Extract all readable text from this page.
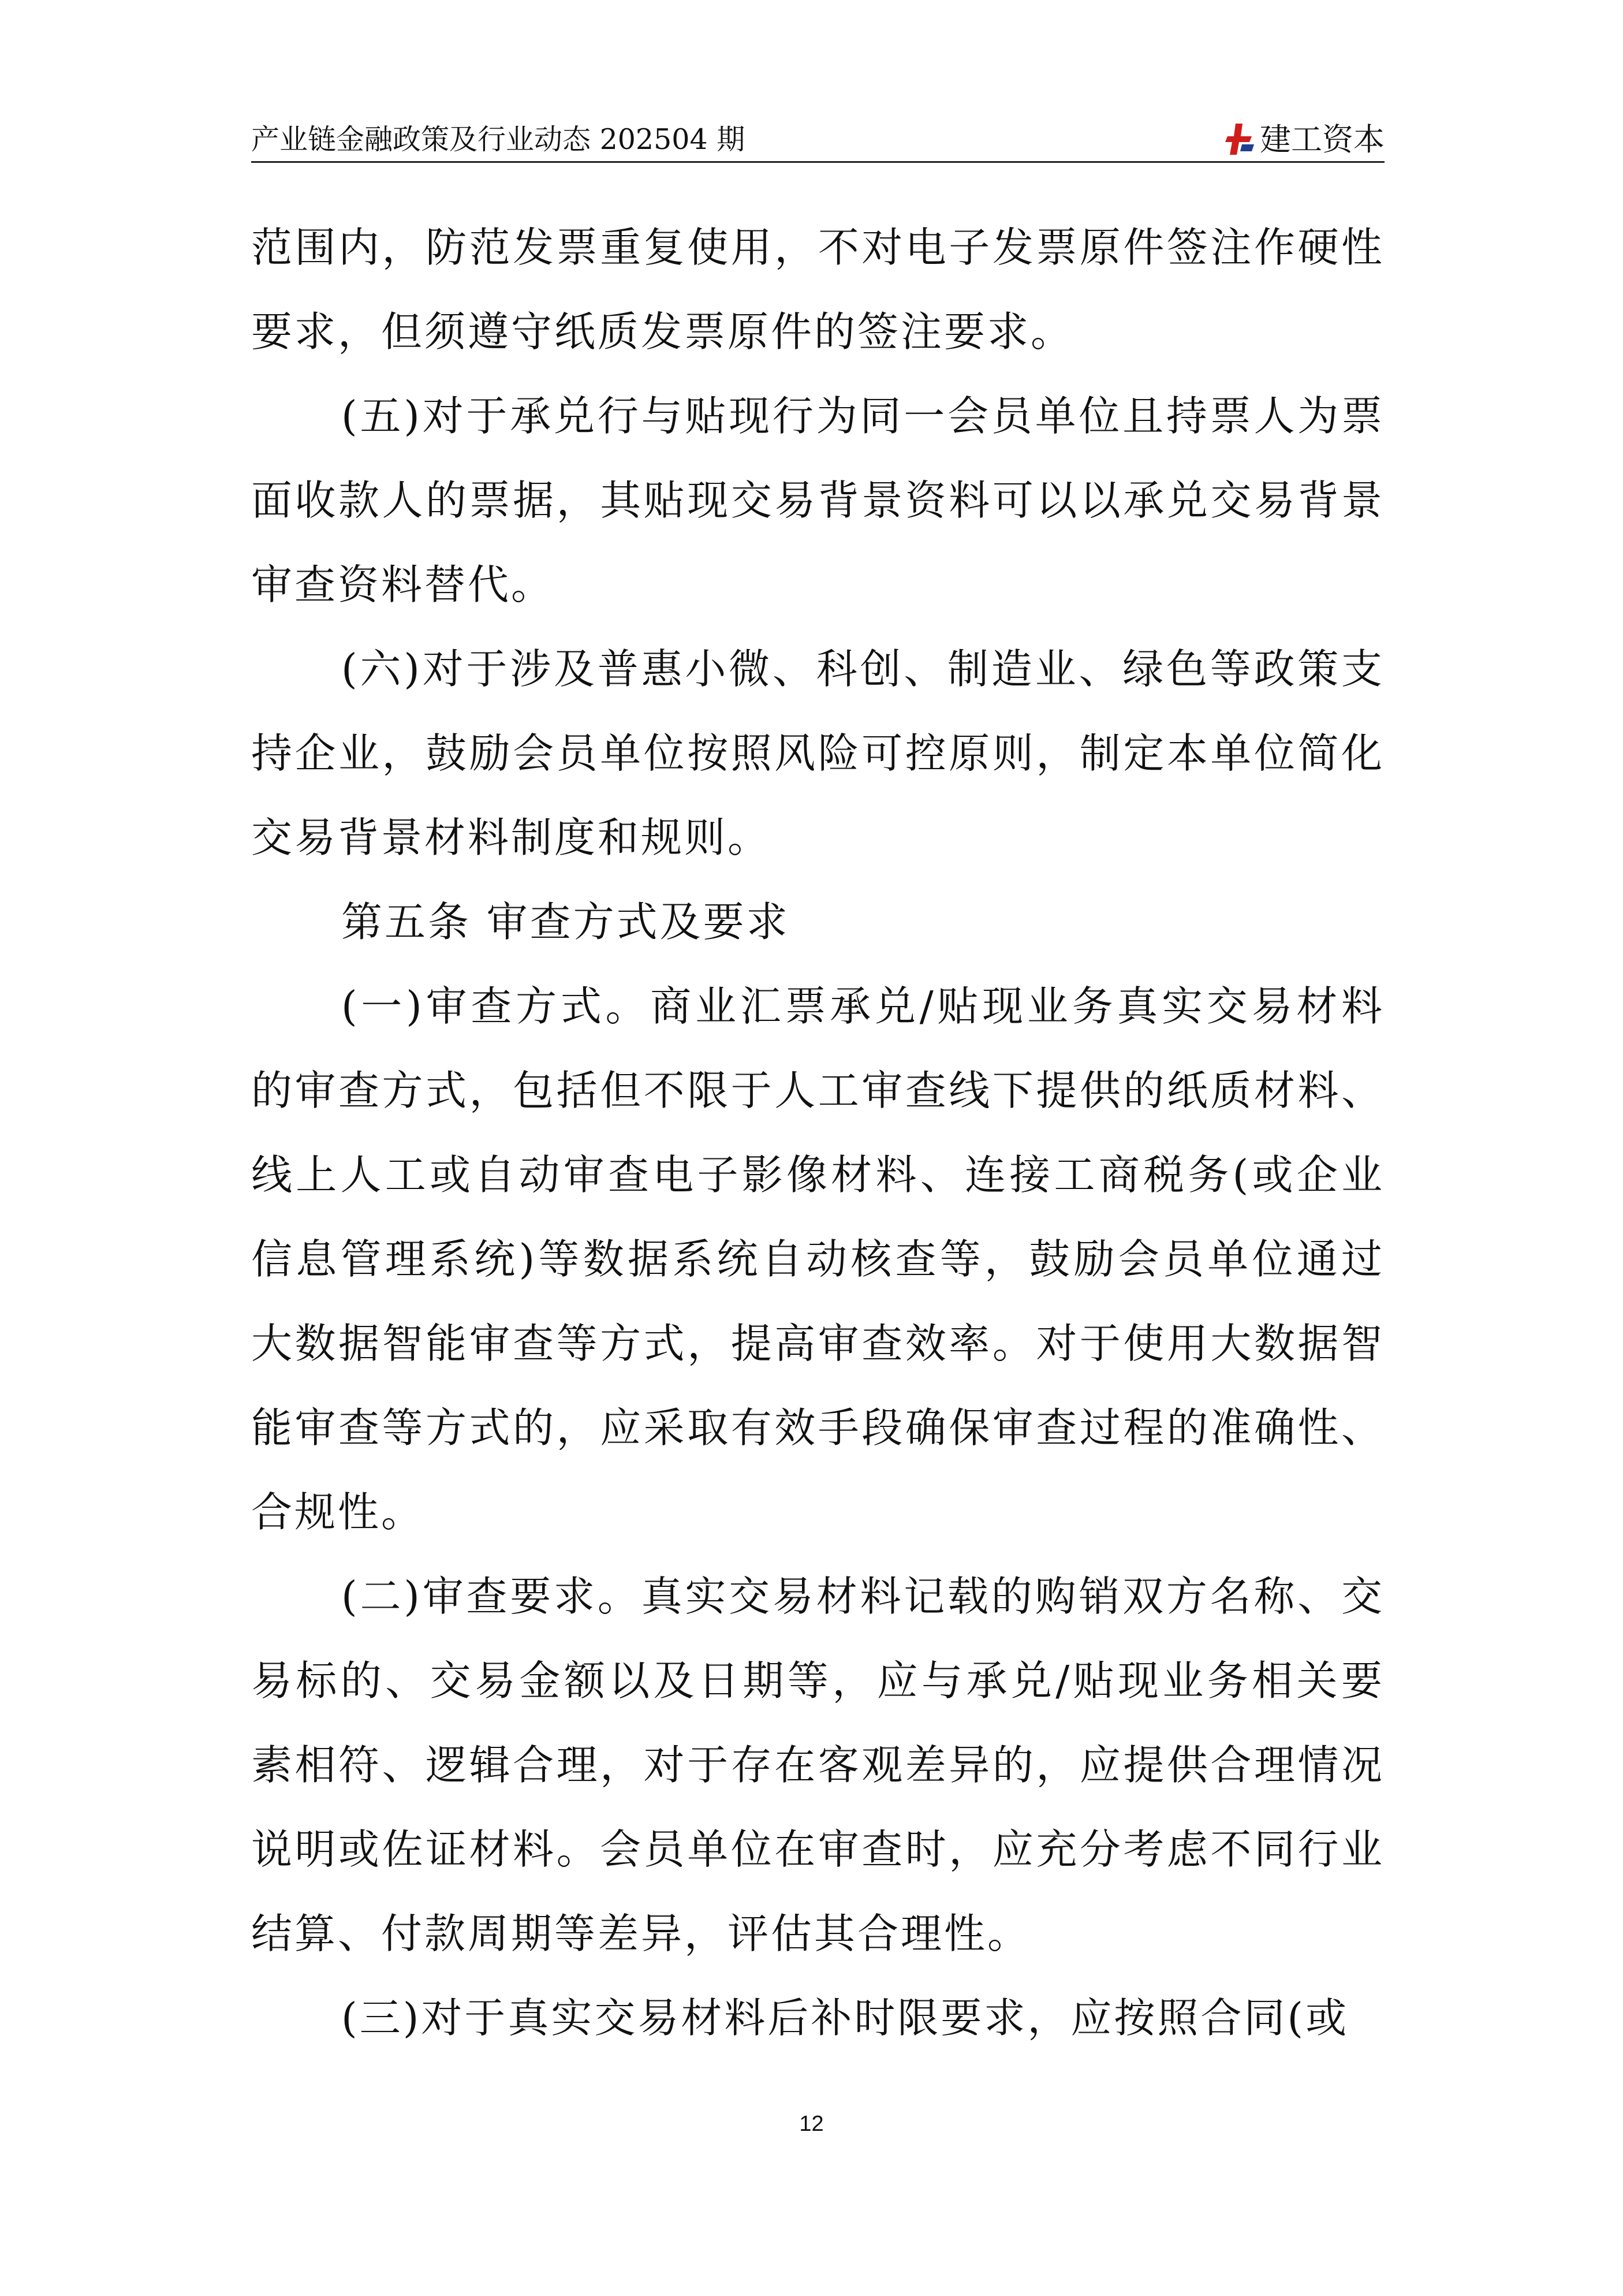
产业链金融政策及行业动态 202504 期	建工资本

范围内，防范发票重复使用，不对电子发票原件签注作硬性要求，但须遵守纸质发票原件的签注要求。

(五)对于承兑行与贴现行为同一会员单位且持票人为票面收款人的票据，其贴现交易背景资料可以以承兑交易背景审查资料替代。

(六)对于涉及普惠小微、科创、制造业、绿色等政策支持企业，鼓励会员单位按照风险可控原则，制定本单位简化交易背景材料制度和规则。

第五条 审查方式及要求

(一)审查方式。商业汇票承兑/贴现业务真实交易材料的审查方式，包括但不限于人工审查线下提供的纸质材料、线上人工或自动审查电子影像材料、连接工商税务(或企业信息管理系统)等数据系统自动核查等，鼓励会员单位通过大数据智能审查等方式，提高审查效率。对于使用大数据智能审查等方式的，应采取有效手段确保审查过程的准确性、合规性。

(二)审查要求。真实交易材料记载的购销双方名称、交易标的、交易金额以及日期等，应与承兑/贴现业务相关要素相符、逻辑合理，对于存在客观差异的，应提供合理情况说明或佐证材料。会员单位在审查时，应充分考虑不同行业结算、付款周期等差异，评估其合理性。

(三)对于真实交易材料后补时限要求，应按照合同(或

12
